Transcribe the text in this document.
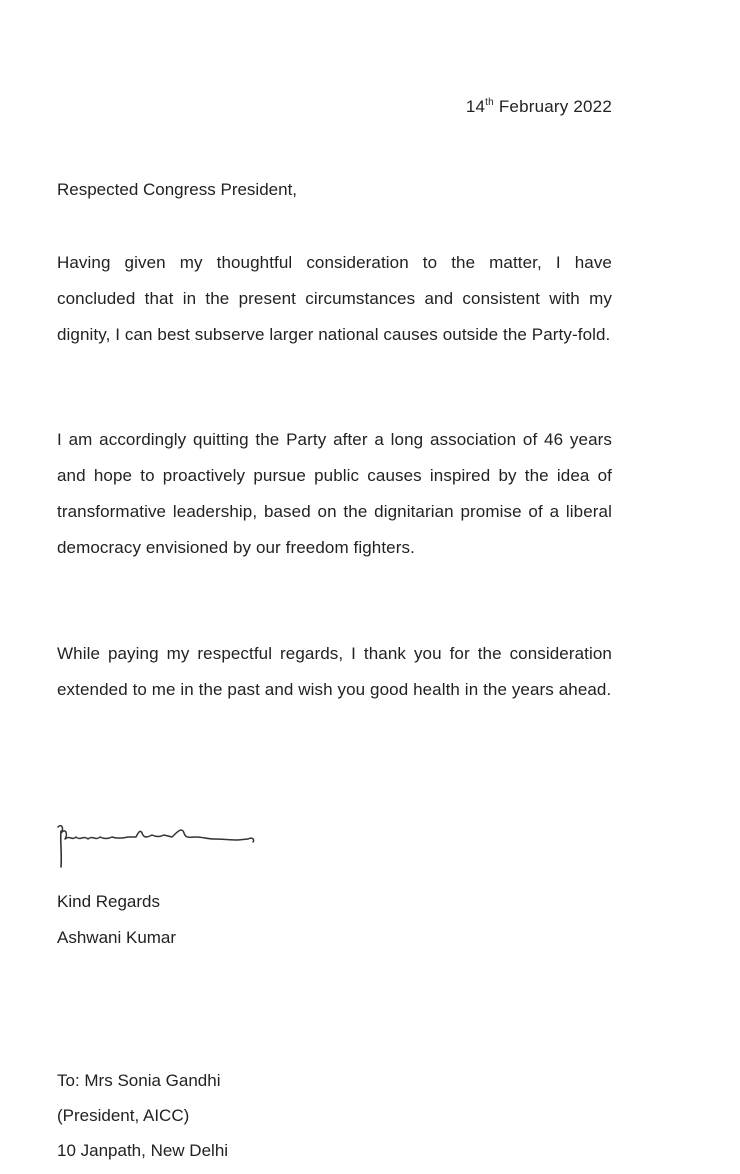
14th February 2022
Respected Congress President,

Having given my thoughtful consideration to the matter, I have concluded that in the present circumstances and consistent with my dignity, I can best subserve larger national causes outside the Party-fold.

I am accordingly quitting the Party after a long association of 46 years and hope to proactively pursue public causes inspired by the idea of transformative leadership, based on the dignitarian promise of a liberal democracy envisioned by our freedom fighters.

While paying my respectful regards, I thank you for the consideration extended to me in the past and wish you good health in the years ahead.

Kind Regards
Ashwani Kumar
To: Mrs Sonia Gandhi
(President, AICC)
10 Janpath, New Delhi
